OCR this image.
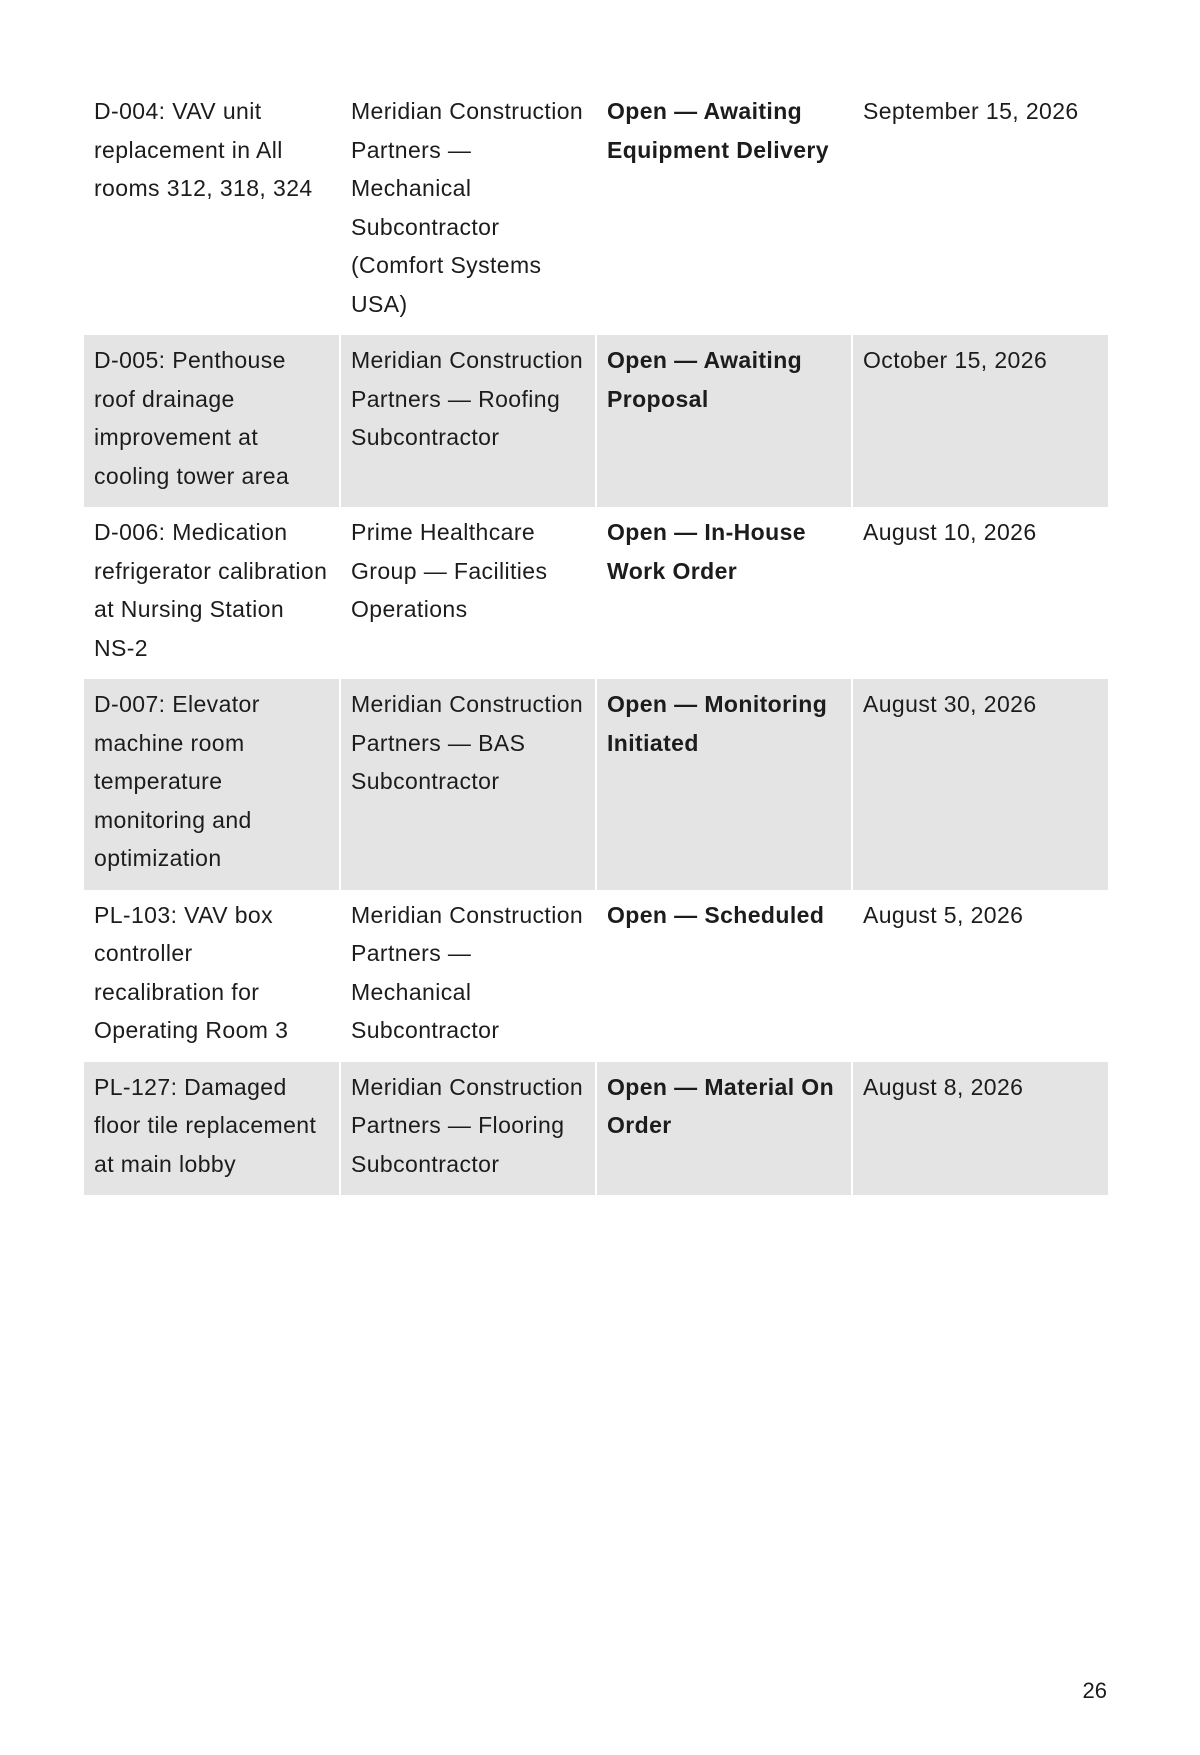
D-004: VAV unit replacement in All rooms 312, 318, 324	Meridian Construction Partners — Mechanical Subcontractor (Comfort Systems USA)	Open — Awaiting Equipment Delivery	September 15, 2026
D-005: Penthouse roof drainage improvement at cooling tower area	Meridian Construction Partners — Roofing Subcontractor	Open — Awaiting Proposal	October 15, 2026
D-006: Medication refrigerator calibration at Nursing Station NS-2	Prime Healthcare Group — Facilities Operations	Open — In-House Work Order	August 10, 2026
D-007: Elevator machine room temperature monitoring and optimization	Meridian Construction Partners — BAS Subcontractor	Open — Monitoring Initiated	August 30, 2026
PL-103: VAV box controller recalibration for Operating Room 3	Meridian Construction Partners — Mechanical Subcontractor	Open — Scheduled	August 5, 2026
PL-127: Damaged floor tile replacement at main lobby	Meridian Construction Partners — Flooring Subcontractor	Open — Material On Order	August 8, 2026
26
